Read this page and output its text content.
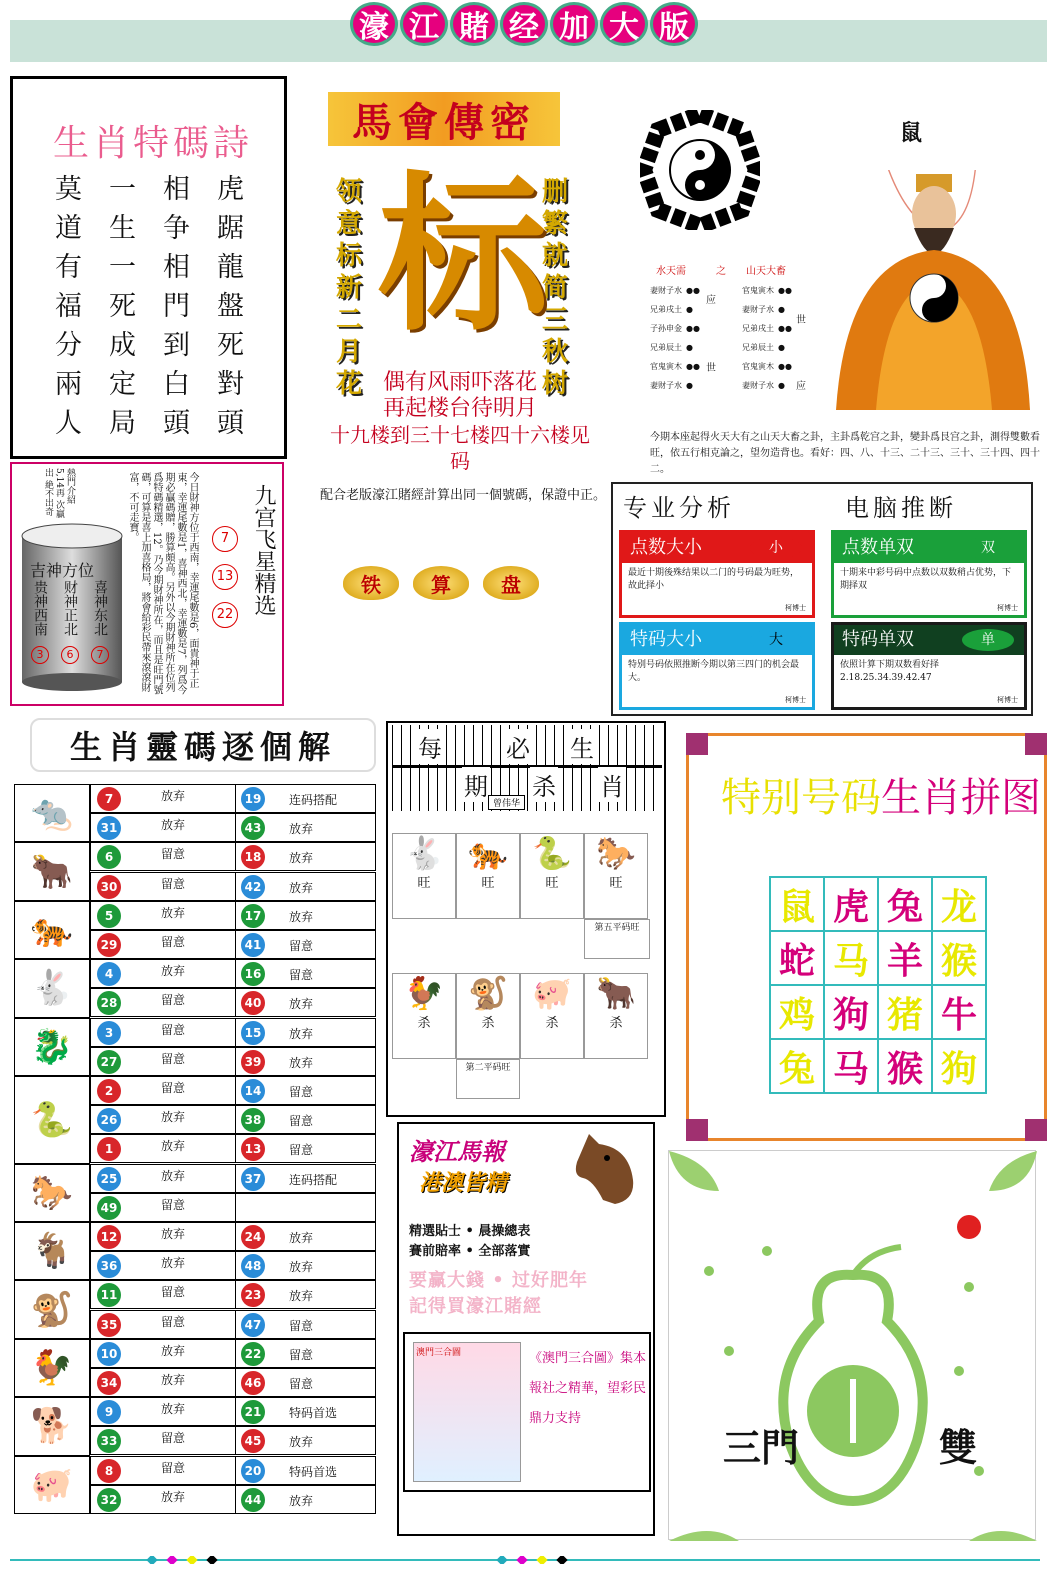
濠 江 賭 经 加 大 版
生肖特碼詩
莫	一	相	虎
道	生	争	踞
有	一	相	龍
福	死	門	盤
分	成	到	死
兩	定	白	對
人	局	頭	頭
馬會傳密
领意标新二月花
删繁就简三秋树
标
偶有风雨吓落花
再起楼台待明月
十九楼到三十七楼四十六楼见码
配合老版濠江賭經計算出同一個號碼，保證中正。
铁	算	盘
鼠
水天需	之 山天大畜
妻财子水 ●●	官鬼寅木 ●●
兄弟戌土 ●	妻财子水 ●
子孙申金 ●●	兄弟戌土 ●●
兄弟辰土 ●	兄弟辰土 ●
官鬼寅木 ●●	官鬼寅木 ●●
妻财子水 ●	妻财子水 ●
应
世
世
应
今期本座起得火天大有之山天大畜之卦，主卦爲乾宫之卦，變卦爲艮宫之卦，測得雙數看旺，依五行相克論之，望勿造背也。看好：四、八、十三、二十三、三十、三十四、四十二。
熱門介紹 5,14再 次贏出 絶不出奇
吉神方位
贵神西南
3
财神正北
6
喜神东北
7	今日財神方位于西南，幸運尾數是6，面貴神于正東，幸運尾數是1，喜神西北，幸運數是7，列爲今期必贏碼贈，勝算頗高。另外以今期財神所在位列爲特碼精選，12。乃今期財神所在，而且是旺門號碼，可算是喜上加喜格局，將會給彩民帶來滾滾財富，不可走寶。	九宫飞星精选
7
13
22
专业分析	电脑推断
点数大小	小
最近十期後殊结果以二门的号码最为旺势，故此择小
柯博士
点数单双	双
十期来中彩号码中点数以双数稍占优势，下期择双
柯博士
特码大小	大
特别号码依照推断今期以第三四门的机会最大。
柯博士
特码单双	单
依照计算下期双数看好择2.18.25.34.39.42.47
柯博士
生肖靈碼逐個解
🐀
🐂
🐅
🐇
🐉
🐍
🐎
🐐
🐒
🐓
🐕
🐖
7	放弃	19	连码搭配
31	放弃	43	放弃
6	留意	18	放弃
30	留意	42	放弃
5	放弃	17	放弃
29	留意	41	留意
4	放弃	16	留意
28	留意	40	放弃
3	留意	15	放弃
27	留意	39	放弃
2	留意	14	留意
26	放弃	38	留意
1	放弃	13	留意
25	放弃	37	连码搭配
49	留意
12	放弃	24	放弃
36	放弃	48	放弃
11	留意	23	放弃
35	留意	47	留意
10	放弃	22	留意
34	放弃	46	留意
9	放弃	21	特码首选
33	留意	45	放弃
8	留意	20	特码首选
32	放弃	44	放弃
每	必 生
期 杀 肖
曾伟华
🐇
旺
🐅
旺
🐍
旺
🐎
旺
第五平码旺
🐓
杀
🐒
杀
🐖
杀
🐂
杀
第二平码旺
特别号码生肖拼图
鼠 虎 兔 龙
蛇 马 羊 猴
鸡 狗 猪 牛
兔 马 猴 狗
濠江馬報
港澳皆精
精選貼士 • 晨操總表
賽前賠率 • 全部落實
要赢大錢 • 过好肥年
記得買濠江賭經
澳門三合圖	《澳門三合圖》集本報社之精華，望彩民鼎力支持
三門	雙
